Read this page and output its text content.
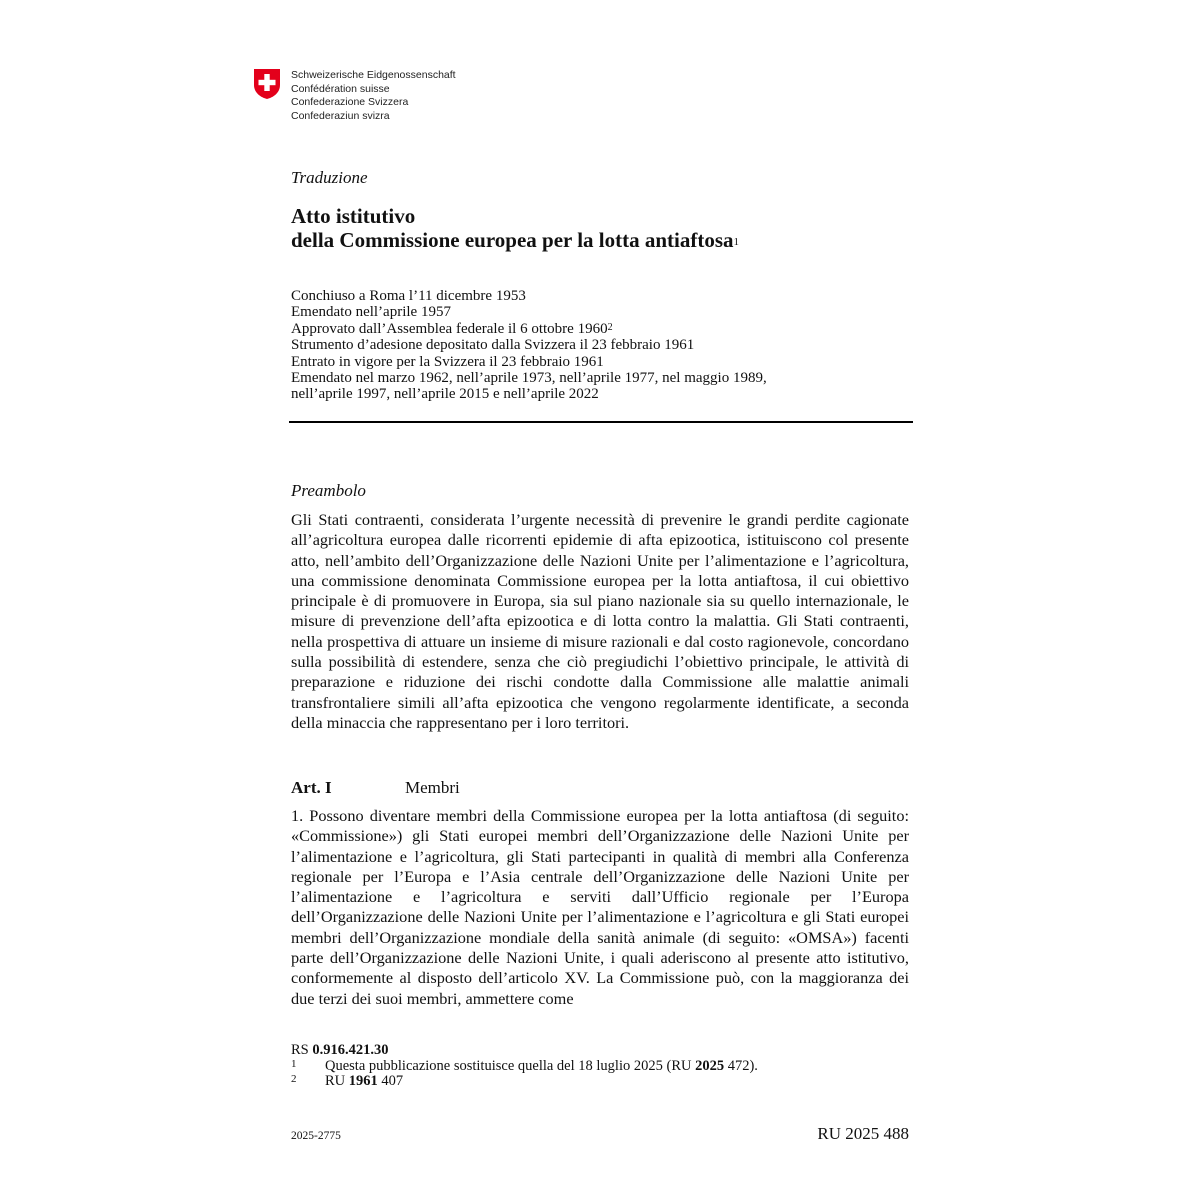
Schweizerische Eidgenossenschaft
Confédération suisse
Confederazione Svizzera
Confederaziun svizra
Traduzione
Atto istitutivo
della Commissione europea per la lotta antiaftosa$^1$
Conchiuso a Roma l’11 dicembre 1953
Emendato nell’aprile 1957
Approvato dall’Assemblea federale il 6 ottobre 1960$^2$
Strumento d’adesione depositato dalla Svizzera il 23 febbraio 1961
Entrato in vigore per la Svizzera il 23 febbraio 1961
Emendato nel marzo 1962, nell’aprile 1973, nell’aprile 1977, nel maggio 1989,
nell’aprile 1997, nell’aprile 2015 e nell’aprile 2022
Preambolo
Gli Stati contraenti, considerata l’urgente necessità di prevenire le grandi perdite cagionate all’agricoltura europea dalle ricorrenti epidemie di afta epizootica, istituiscono col presente atto, nell’ambito dell’Organizzazione delle Nazioni Unite per l’alimentazione e l’agricoltura, una commissione denominata Commissione europea per la lotta antiaftosa, il cui obiettivo principale è di promuovere in Europa, sia sul piano nazionale sia su quello internazionale, le misure di prevenzione dell’afta epizootica e di lotta contro la malattia. Gli Stati contraenti, nella prospettiva di attuare un insieme di misure razionali e dal costo ragionevole, concordano sulla possibilità di estendere, senza che ciò pregiudichi l’obiettivo principale, le attività di preparazione e riduzione dei rischi condotte dalla Commissione alle malattie animali transfrontaliere simili all’afta epizootica che vengono regolarmente identificate, a seconda della minaccia che rappresentano per i loro territori.
Art. I	Membri
1. Possono diventare membri della Commissione europea per la lotta antiaftosa (di seguito: «Commissione») gli Stati europei membri dell’Organizzazione delle Nazioni Unite per l’alimentazione e l’agricoltura, gli Stati partecipanti in qualità di membri alla Conferenza regionale per l’Europa e l’Asia centrale dell’Organizzazione delle Nazioni Unite per l’alimentazione e l’agricoltura e serviti dall’Ufficio regionale per l’Europa dell’Organizzazione delle Nazioni Unite per l’alimentazione e l’agricoltura e gli Stati europei membri dell’Organizzazione mondiale della sanità animale (di seguito: «OMSA») facenti parte dell’Organizzazione delle Nazioni Unite, i quali aderiscono al presente atto istitutivo, conformemente al disposto dell’articolo XV. La Commissione può, con la maggioranza dei due terzi dei suoi membri, ammettere come
RS 0.916.421.30
1 Questa pubblicazione sostituisce quella del 18 luglio 2025 (RU 2025 472).
2 RU 1961 407
2025-2775	RU 2025 488
